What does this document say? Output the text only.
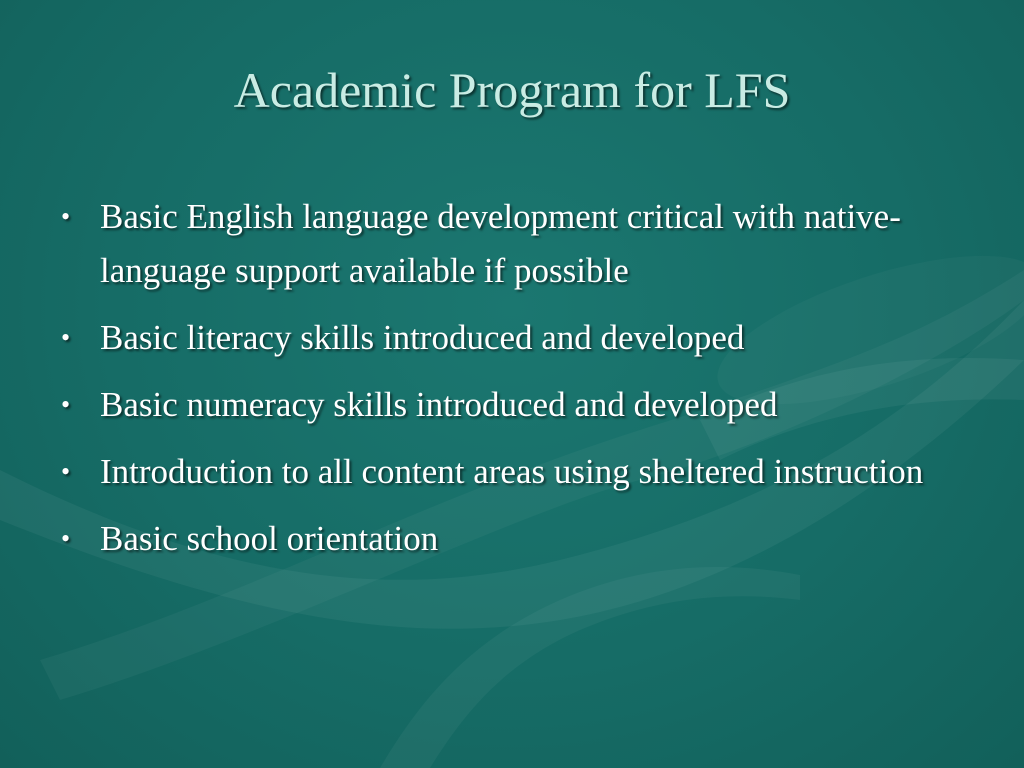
Academic Program for LFS
• Basic English language development critical with native-language support available if possible
• Basic literacy skills introduced and developed
• Basic numeracy skills introduced and developed
• Introduction to all content areas using sheltered instruction
• Basic school orientation
